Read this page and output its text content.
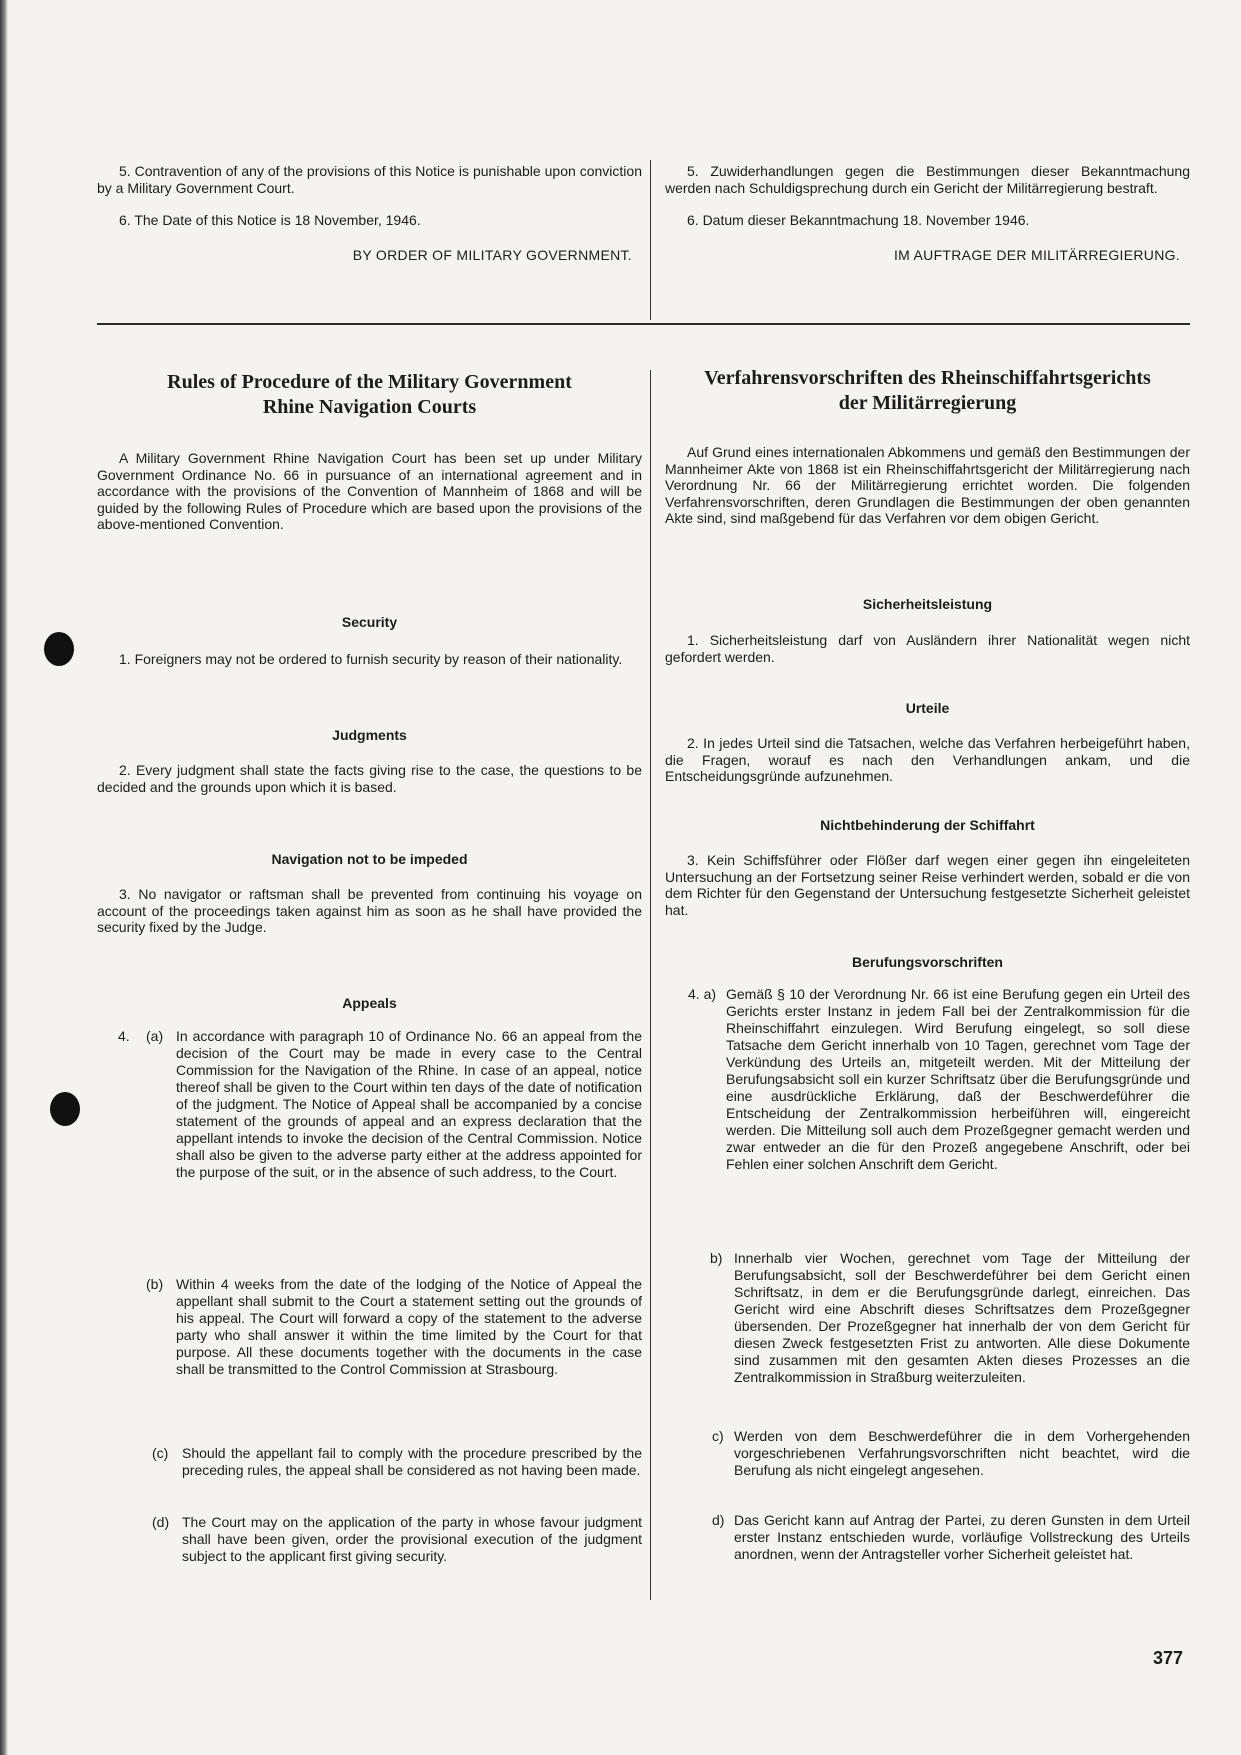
5. Contravention of any of the provisions of this Notice is punishable upon conviction by a Military Government Court.

6. The Date of this Notice is 18 November, 1946.

BY ORDER OF MILITARY GOVERNMENT.

5. Zuwiderhandlungen gegen die Bestimmungen dieser Bekanntmachung werden nach Schuldigsprechung durch ein Gericht der Militärregierung bestraft.

6. Datum dieser Bekanntmachung 18. November 1946.

IM AUFTRAGE DER MILITÄRREGIERUNG.

Rules of Procedure of the Military Government
Rhine Navigation Courts
Verfahrensvorschriften des Rheinschiffahrtsgerichts
der Militärregierung

A Military Government Rhine Navigation Court has been set up under Military Government Ordinance No. 66 in pursuance of an international agreement and in accordance with the provisions of the Convention of Mannheim of 1868 and will be guided by the following Rules of Procedure which are based upon the provisions of the above-mentioned Convention.

Security

1. Foreigners may not be ordered to furnish security by reason of their nationality.

Judgments

2. Every judgment shall state the facts giving rise to the case, the questions to be decided and the grounds upon which it is based.

Navigation not to be impeded

3. No navigator or raftsman shall be prevented from continuing his voyage on account of the proceedings taken against him as soon as he shall have provided the security fixed by the Judge.

Appeals
4.	(a) In accordance with paragraph 10 of Ordinance No. 66 an appeal from the decision of the Court may be made in every case to the Central Commission for the Navigation of the Rhine. In case of an appeal, notice thereof shall be given to the Court within ten days of the date of notification of the judgment. The Notice of Appeal shall be accompanied by a concise statement of the grounds of appeal and an express declaration that the appellant intends to invoke the decision of the Central Commission. Notice shall also be given to the adverse party either at the address appointed for the purpose of the suit, or in the absence of such address, to the Court.
(b) Within 4 weeks from the date of the lodging of the Notice of Appeal the appellant shall submit to the Court a statement setting out the grounds of his appeal. The Court will forward a copy of the statement to the adverse party who shall answer it within the time limited by the Court for that purpose. All these documents together with the documents in the case shall be transmitted to the Control Commission at Strasbourg.
(c) Should the appellant fail to comply with the procedure prescribed by the preceding rules, the appeal shall be considered as not having been made.
(d) The Court may on the application of the party in whose favour judgment shall have been given, order the provisional execution of the judgment subject to the applicant first giving security.

Auf Grund eines internationalen Abkommens und gemäß den Bestimmungen der Mannheimer Akte von 1868 ist ein Rheinschiffahrtsgericht der Militärregierung nach Verordnung Nr. 66 der Militärregierung errichtet worden. Die folgenden Verfahrensvorschriften, deren Grundlagen die Bestimmungen der oben genannten Akte sind, sind maßgebend für das Verfahren vor dem obigen Gericht.

Sicherheitsleistung

1. Sicherheitsleistung darf von Ausländern ihrer Nationalität wegen nicht gefordert werden.

Urteile

2. In jedes Urteil sind die Tatsachen, welche das Verfahren herbeigeführt haben, die Fragen, worauf es nach den Verhandlungen ankam, und die Entscheidungsgründe aufzunehmen.

Nichtbehinderung der Schiffahrt

3. Kein Schiffsführer oder Flößer darf wegen einer gegen ihn eingeleiteten Untersuchung an der Fortsetzung seiner Reise verhindert werden, sobald er die von dem Richter für den Gegenstand der Untersuchung festgesetzte Sicherheit geleistet hat.

Berufungsvorschriften
4. a) Gemäß § 10 der Verordnung Nr. 66 ist eine Berufung gegen ein Urteil des Gerichts erster Instanz in jedem Fall bei der Zentralkommission für die Rheinschiffahrt einzulegen. Wird Berufung eingelegt, so soll diese Tatsache dem Gericht innerhalb von 10 Tagen, gerechnet vom Tage der Verkündung des Urteils an, mitgeteilt werden. Mit der Mitteilung der Berufungsabsicht soll ein kurzer Schriftsatz über die Berufungsgründe und eine ausdrückliche Erklärung, daß der Beschwerdeführer die Entscheidung der Zentralkommission herbeiführen will, eingereicht werden. Die Mitteilung soll auch dem Prozeßgegner gemacht werden und zwar entweder an die für den Prozeß angegebene Anschrift, oder bei Fehlen einer solchen Anschrift dem Gericht.
b) Innerhalb vier Wochen, gerechnet vom Tage der Mitteilung der Berufungsabsicht, soll der Beschwerdeführer bei dem Gericht einen Schriftsatz, in dem er die Berufungsgründe darlegt, einreichen. Das Gericht wird eine Abschrift dieses Schriftsatzes dem Prozeßgegner übersenden. Der Prozeßgegner hat innerhalb der von dem Gericht für diesen Zweck festgesetzten Frist zu antworten. Alle diese Dokumente sind zusammen mit den gesamten Akten dieses Prozesses an die Zentralkommission in Straßburg weiterzuleiten.
c) Werden von dem Beschwerdeführer die in dem Vorhergehenden vorgeschriebenen Verfahrungsvorschriften nicht beachtet, wird die Berufung als nicht eingelegt angesehen.
d) Das Gericht kann auf Antrag der Partei, zu deren Gunsten in dem Urteil erster Instanz entschieden wurde, vorläufige Vollstreckung des Urteils anordnen, wenn der Antragsteller vorher Sicherheit geleistet hat.
377
